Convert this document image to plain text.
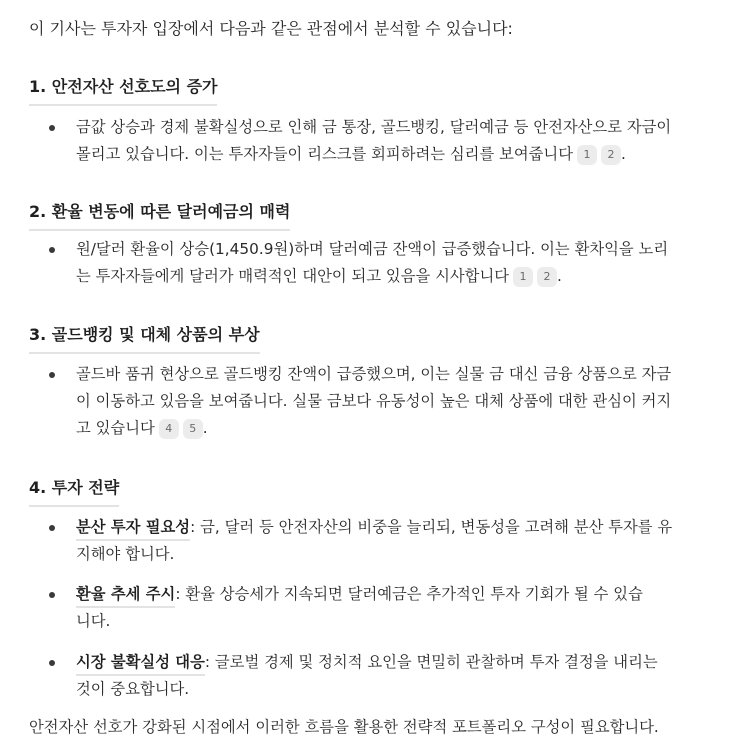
이 기사는 투자자 입장에서 다음과 같은 관점에서 분석할 수 있습니다:
1. 안전자산 선호도의 증가
금값 상승과 경제 불확실성으로 인해 금 통장, 골드뱅킹, 달러예금 등 안전자산으로 자금이
몰리고 있습니다. 이는 투자자들이 리스크를 회피하려는 심리를 보여줍니다 1 2 .
2. 환율 변동에 따른 달러예금의 매력
원/달러 환율이 상승(1,450.9원)하며 달러예금 잔액이 급증했습니다. 이는 환차익을 노리
는 투자자들에게 달러가 매력적인 대안이 되고 있음을 시사합니다 1 2 .
3. 골드뱅킹 및 대체 상품의 부상
골드바 품귀 현상으로 골드뱅킹 잔액이 급증했으며, 이는 실물 금 대신 금융 상품으로 자금
이 이동하고 있음을 보여줍니다. 실물 금보다 유동성이 높은 대체 상품에 대한 관심이 커지
고 있습니다 4 5 .
4. 투자 전략
분산 투자 필요성: 금, 달러 등 안전자산의 비중을 늘리되, 변동성을 고려해 분산 투자를 유
지해야 합니다.
환율 추세 주시: 환율 상승세가 지속되면 달러예금은 추가적인 투자 기회가 될 수 있습
니다.
시장 불확실성 대응: 글로벌 경제 및 정치적 요인을 면밀히 관찰하며 투자 결정을 내리는
것이 중요합니다.
안전자산 선호가 강화된 시점에서 이러한 흐름을 활용한 전략적 포트폴리오 구성이 필요합니다.
